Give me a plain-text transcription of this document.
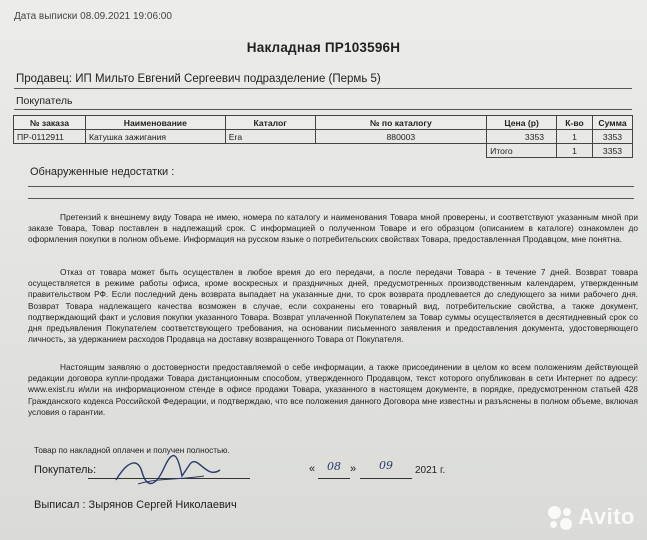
Дата выписки 08.09.2021 19:06:00
Накладная ПР103596Н
Продавец: ИП Мильто Евгений Сергеевич подразделение (Пермь 5)
Покупатель
№ заказа	Наименование	Каталог	№ по каталогу	Цена (р)	К-во	Сумма
ПР-0112911	Катушка зажигания	Era	880003	3353	1	3353
				Итого	1	3353
Обнаруженные недостатки :
Претензий к внешнему виду Товара не имею, номера по каталогу и наименования Товара мной проверены, и соответствуют указанным мной при заказе Товара, Товар поставлен в надлежащий срок. С информацией о полученном Товаре и его образцом (описанием в каталоге) ознакомлен до оформления покупки в полном объеме. Информация на русском языке о потребительских свойствах Товара, предоставленная Продавцом, мне понятна.
Отказ от товара может быть осуществлен в любое время до его передачи, а после передачи Товара - в течение 7 дней. Возврат товара осуществляется в режиме работы офиса, кроме воскресных и праздничных дней, предусмотренных производственным календарем, утвержденным правительством РФ. Если последний день возврата выпадает на указанные дни, то срок возврата продлевается до следующего за ними рабочего дня. Возврат Товара надлежащего качества возможен в случае, если сохранены его товарный вид, потребительские свойства, а также документ, подтверждающий факт и условия покупки указанного Товара. Возврат уплаченной Покупателем за Товар суммы осуществляется в десятидневный срок со дня предъявления Покупателем соответствующего требования, на основании письменного заявления и предоставления документа, удостоверяющего личность, за удержанием расходов Продавца на доставку возвращенного Товара от Покупателя.
Настоящим заявляю о достоверности предоставляемой о себе информации, а также присоединении в целом ко всем положениям действующей редакции договора купли-продажи Товара дистанционным способом, утвержденного Продавцом, текст которого опубликован в сети Интернет по адресу: www.exist.ru и/или на информационном стенде в офисе продажи Товара, указанного в настоящем документе, в порядке, предусмотренном статьей 428 Гражданского кодекса Российской Федерации, и подтверждаю, что все положения данного Договора мне известны и разъяснены в полном объеме, включая условия о гарантии.
Товар по накладной оплачен и получен полностью.
Покупатель:	«	08 »	09	2021 г.
Выписал : Зырянов Сергей Николаевич	Avito
